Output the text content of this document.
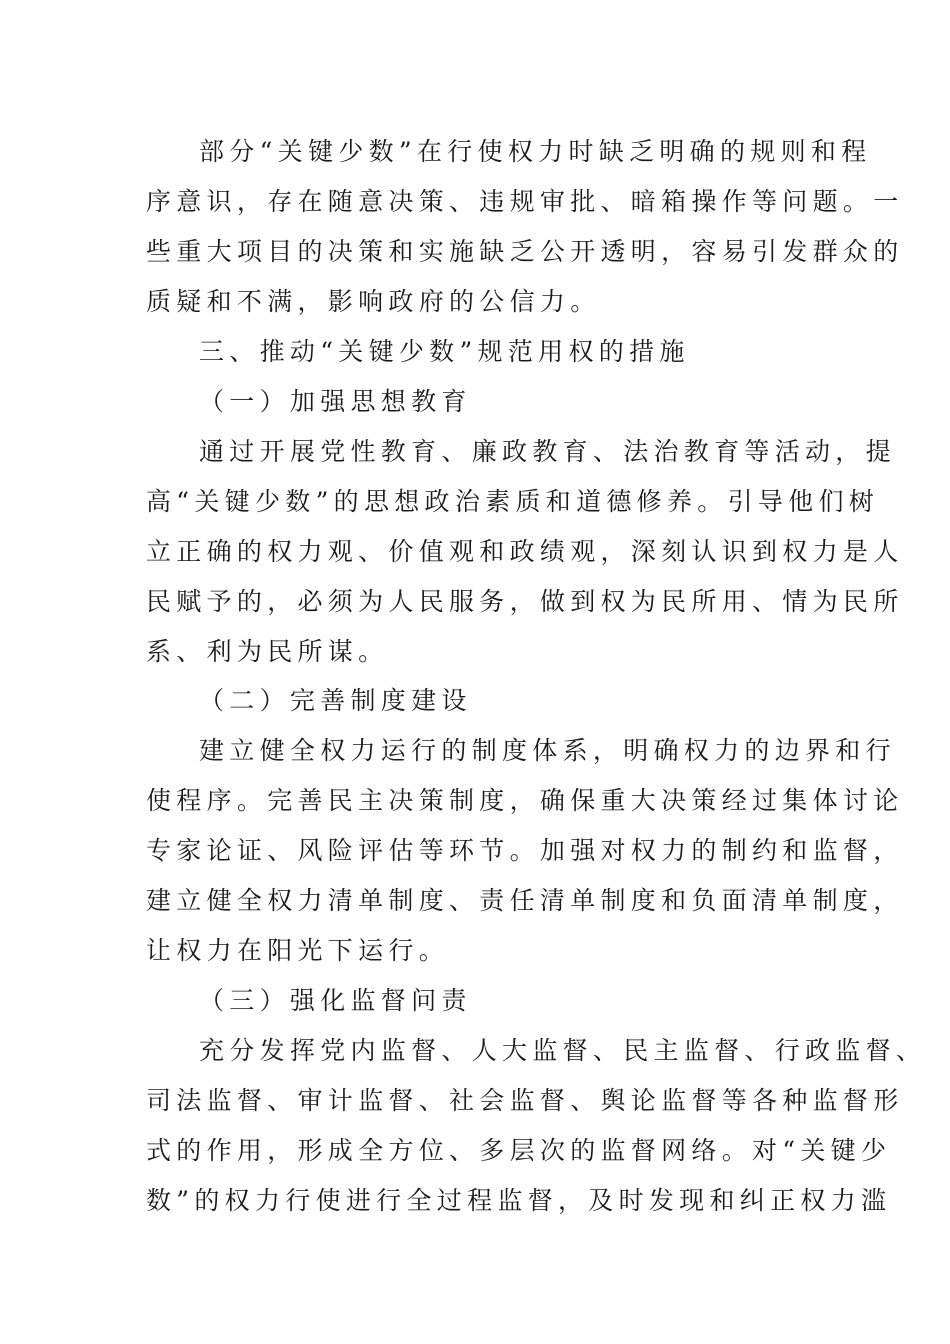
部分“关键少数”在行使权力时缺乏明确的规则和程
序意识，存在随意决策、违规审批、暗箱操作等问题。一
些重大项目的决策和实施缺乏公开透明，容易引发群众的
质疑和不满，影响政府的公信力。
三、推动“关键少数”规范用权的措施
（一）加强思想教育
通过开展党性教育、廉政教育、法治教育等活动，提
高“关键少数”的思想政治素质和道德修养。引导他们树
立正确的权力观、价值观和政绩观，深刻认识到权力是人
民赋予的，必须为人民服务，做到权为民所用、情为民所
系、利为民所谋。
（二）完善制度建设
建立健全权力运行的制度体系，明确权力的边界和行
使程序。完善民主决策制度，确保重大决策经过集体讨论
专家论证、风险评估等环节。加强对权力的制约和监督，
建立健全权力清单制度、责任清单制度和负面清单制度，
让权力在阳光下运行。
（三）强化监督问责
充分发挥党内监督、人大监督、民主监督、行政监督、
司法监督、审计监督、社会监督、舆论监督等各种监督形
式的作用，形成全方位、多层次的监督网络。对“关键少
数”的权力行使进行全过程监督，及时发现和纠正权力滥
